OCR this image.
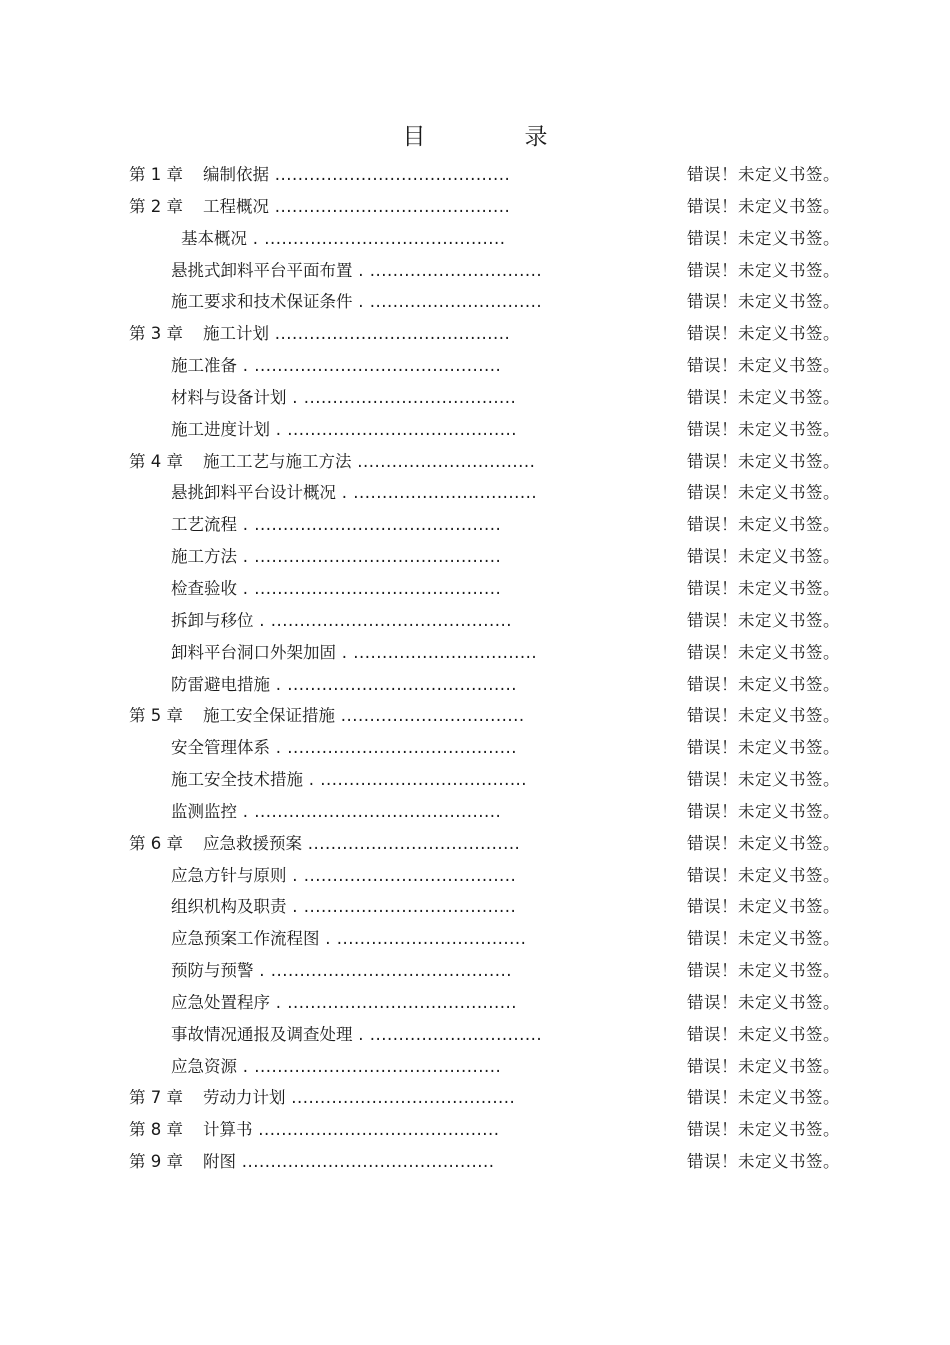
目　录
第 1 章 编制依据 .........................................	错误！未定义书签。
第 2 章 工程概况 .........................................	错误！未定义书签。
基本概况 . ..........................................	错误！未定义书签。
悬挑式卸料平台平面布置 . ..............................	错误！未定义书签。
施工要求和技术保证条件 . ..............................	错误！未定义书签。
第 3 章 施工计划 .........................................	错误！未定义书签。
施工准备 . ...........................................	错误！未定义书签。
材料与设备计划 . .....................................	错误！未定义书签。
施工进度计划 . ........................................	错误！未定义书签。
第 4 章 施工工艺与施工方法 ...............................	错误！未定义书签。
悬挑卸料平台设计概况 . ................................	错误！未定义书签。
工艺流程 . ...........................................	错误！未定义书签。
施工方法 . ...........................................	错误！未定义书签。
检查验收 . ...........................................	错误！未定义书签。
拆卸与移位 . ..........................................	错误！未定义书签。
卸料平台洞口外架加固 . ................................	错误！未定义书签。
防雷避电措施 . ........................................	错误！未定义书签。
第 5 章 施工安全保证措施 ................................	错误！未定义书签。
安全管理体系 . ........................................	错误！未定义书签。
施工安全技术措施 . ....................................	错误！未定义书签。
监测监控 . ...........................................	错误！未定义书签。
第 6 章 应急救援预案 .....................................	错误！未定义书签。
应急方针与原则 . .....................................	错误！未定义书签。
组织机构及职责 . .....................................	错误！未定义书签。
应急预案工作流程图 . .................................	错误！未定义书签。
预防与预警 . ..........................................	错误！未定义书签。
应急处置程序 . ........................................	错误！未定义书签。
事故情况通报及调查处理 . ..............................	错误！未定义书签。
应急资源 . ...........................................	错误！未定义书签。
第 7 章 劳动力计划 .......................................	错误！未定义书签。
第 8 章 计算书 ..........................................	错误！未定义书签。
第 9 章 附图 ............................................	错误！未定义书签。
